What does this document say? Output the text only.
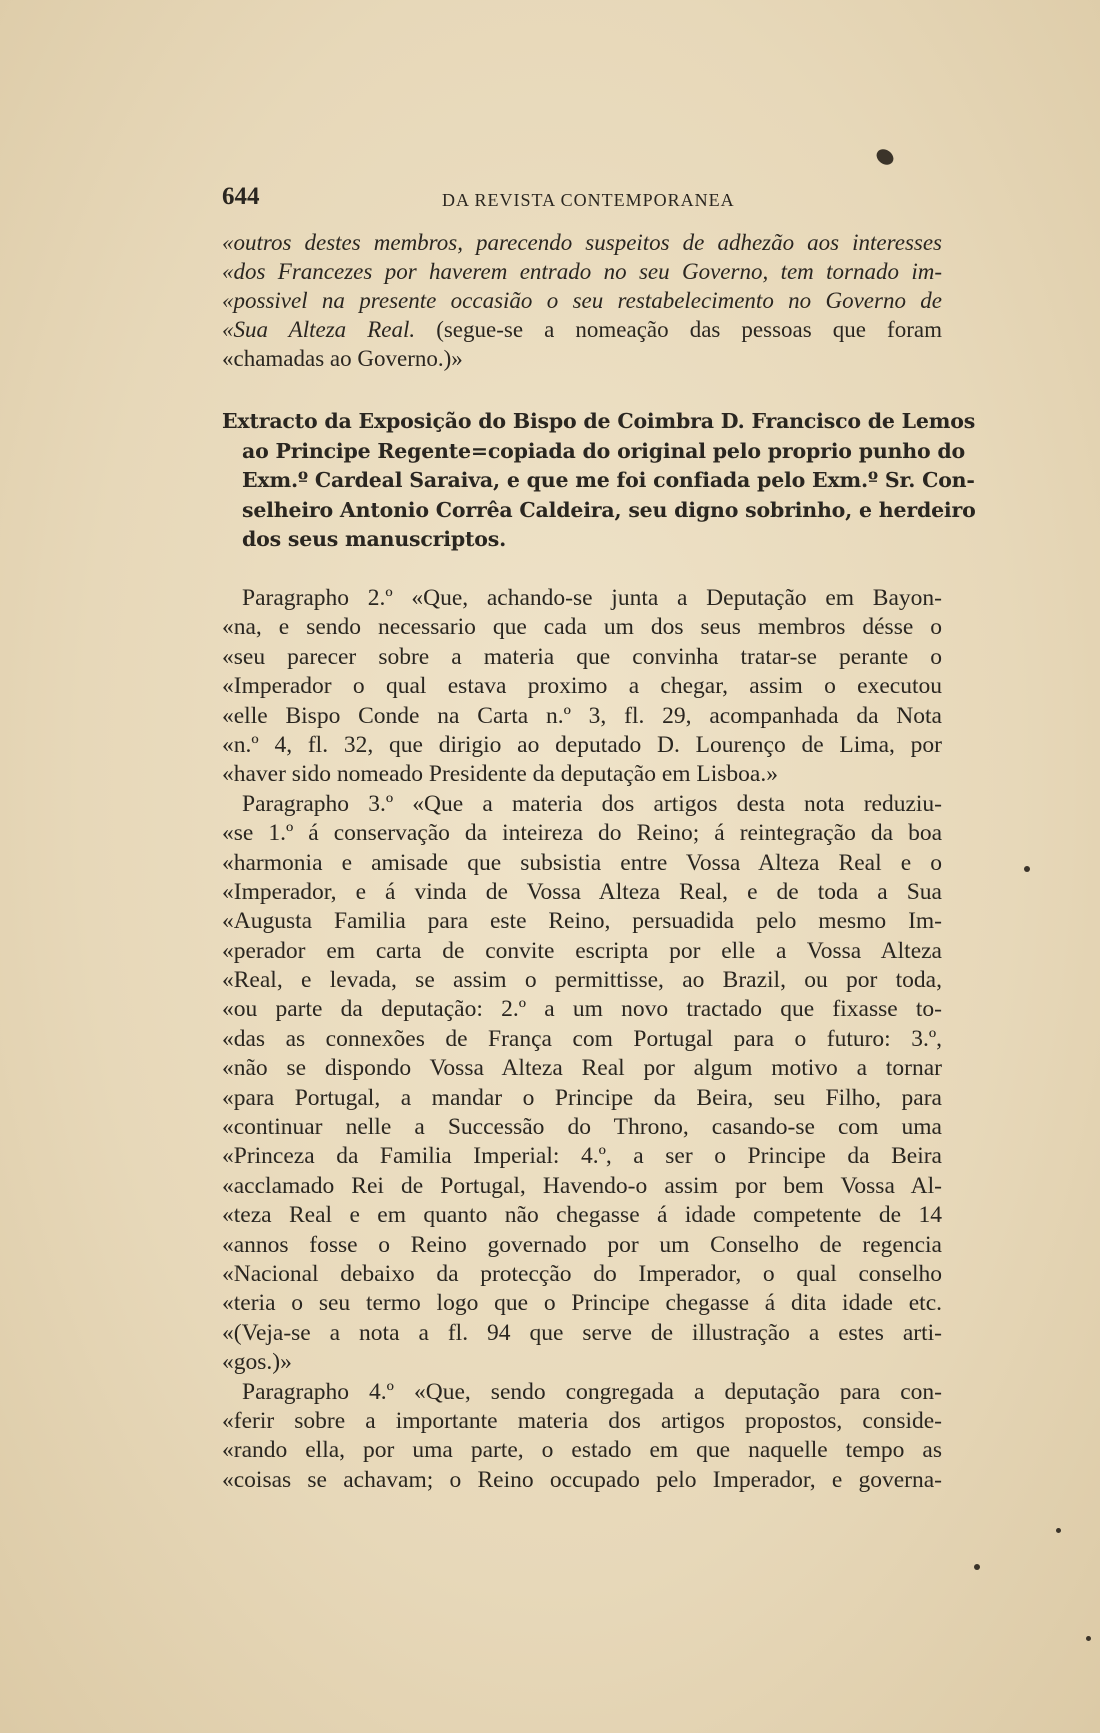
644	DA REVISTA CONTEMPORANEA
«outros destes membros, parecendo suspeitos de adhezão aos interesses
«dos Francezes por haverem entrado no seu Governo, tem tornado im-
«possivel na presente occasião o seu restabelecimento no Governo de
«Sua Alteza Real. (segue-se a nomeação das pessoas que foram
«chamadas ao Governo.)»
Extracto da Exposição do Bispo de Coimbra D. Francisco de Lemos
ao Principe Regente=copiada do original pelo proprio punho do
Exm.º Cardeal Saraiva, e que me foi confiada pelo Exm.º Sr. Con-
selheiro Antonio Corrêa Caldeira, seu digno sobrinho, e herdeiro
dos seus manuscriptos.
Paragrapho 2.º «Que, achando-se junta a Deputação em Bayon-
«na, e sendo necessario que cada um dos seus membros désse o
«seu parecer sobre a materia que convinha tratar-se perante o
«Imperador o qual estava proximo a chegar, assim o executou
«elle Bispo Conde na Carta n.º 3, fl. 29, acompanhada da Nota
«n.º 4, fl. 32, que dirigio ao deputado D. Lourenço de Lima, por
«haver sido nomeado Presidente da deputação em Lisboa.»
Paragrapho 3.º «Que a materia dos artigos desta nota reduziu-
«se 1.º á conservação da inteireza do Reino; á reintegração da boa
«harmonia e amisade que subsistia entre Vossa Alteza Real e o
«Imperador, e á vinda de Vossa Alteza Real, e de toda a Sua
«Augusta Familia para este Reino, persuadida pelo mesmo Im-
«perador em carta de convite escripta por elle a Vossa Alteza
«Real, e levada, se assim o permittisse, ao Brazil, ou por toda,
«ou parte da deputação: 2.º a um novo tractado que fixasse to-
«das as connexões de França com Portugal para o futuro: 3.º,
«não se dispondo Vossa Alteza Real por algum motivo a tornar
«para Portugal, a mandar o Principe da Beira, seu Filho, para
«continuar nelle a Successão do Throno, casando-se com uma
«Princeza da Familia Imperial: 4.º, a ser o Principe da Beira
«acclamado Rei de Portugal, Havendo-o assim por bem Vossa Al-
«teza Real e em quanto não chegasse á idade competente de 14
«annos fosse o Reino governado por um Conselho de regencia
«Nacional debaixo da protecção do Imperador, o qual conselho
«teria o seu termo logo que o Principe chegasse á dita idade etc.
«(Veja-se a nota a fl. 94 que serve de illustração a estes arti-
«gos.)»
Paragrapho 4.º «Que, sendo congregada a deputação para con-
«ferir sobre a importante materia dos artigos propostos, conside-
«rando ella, por uma parte, o estado em que naquelle tempo as
«coisas se achavam; o Reino occupado pelo Imperador, e governa-
